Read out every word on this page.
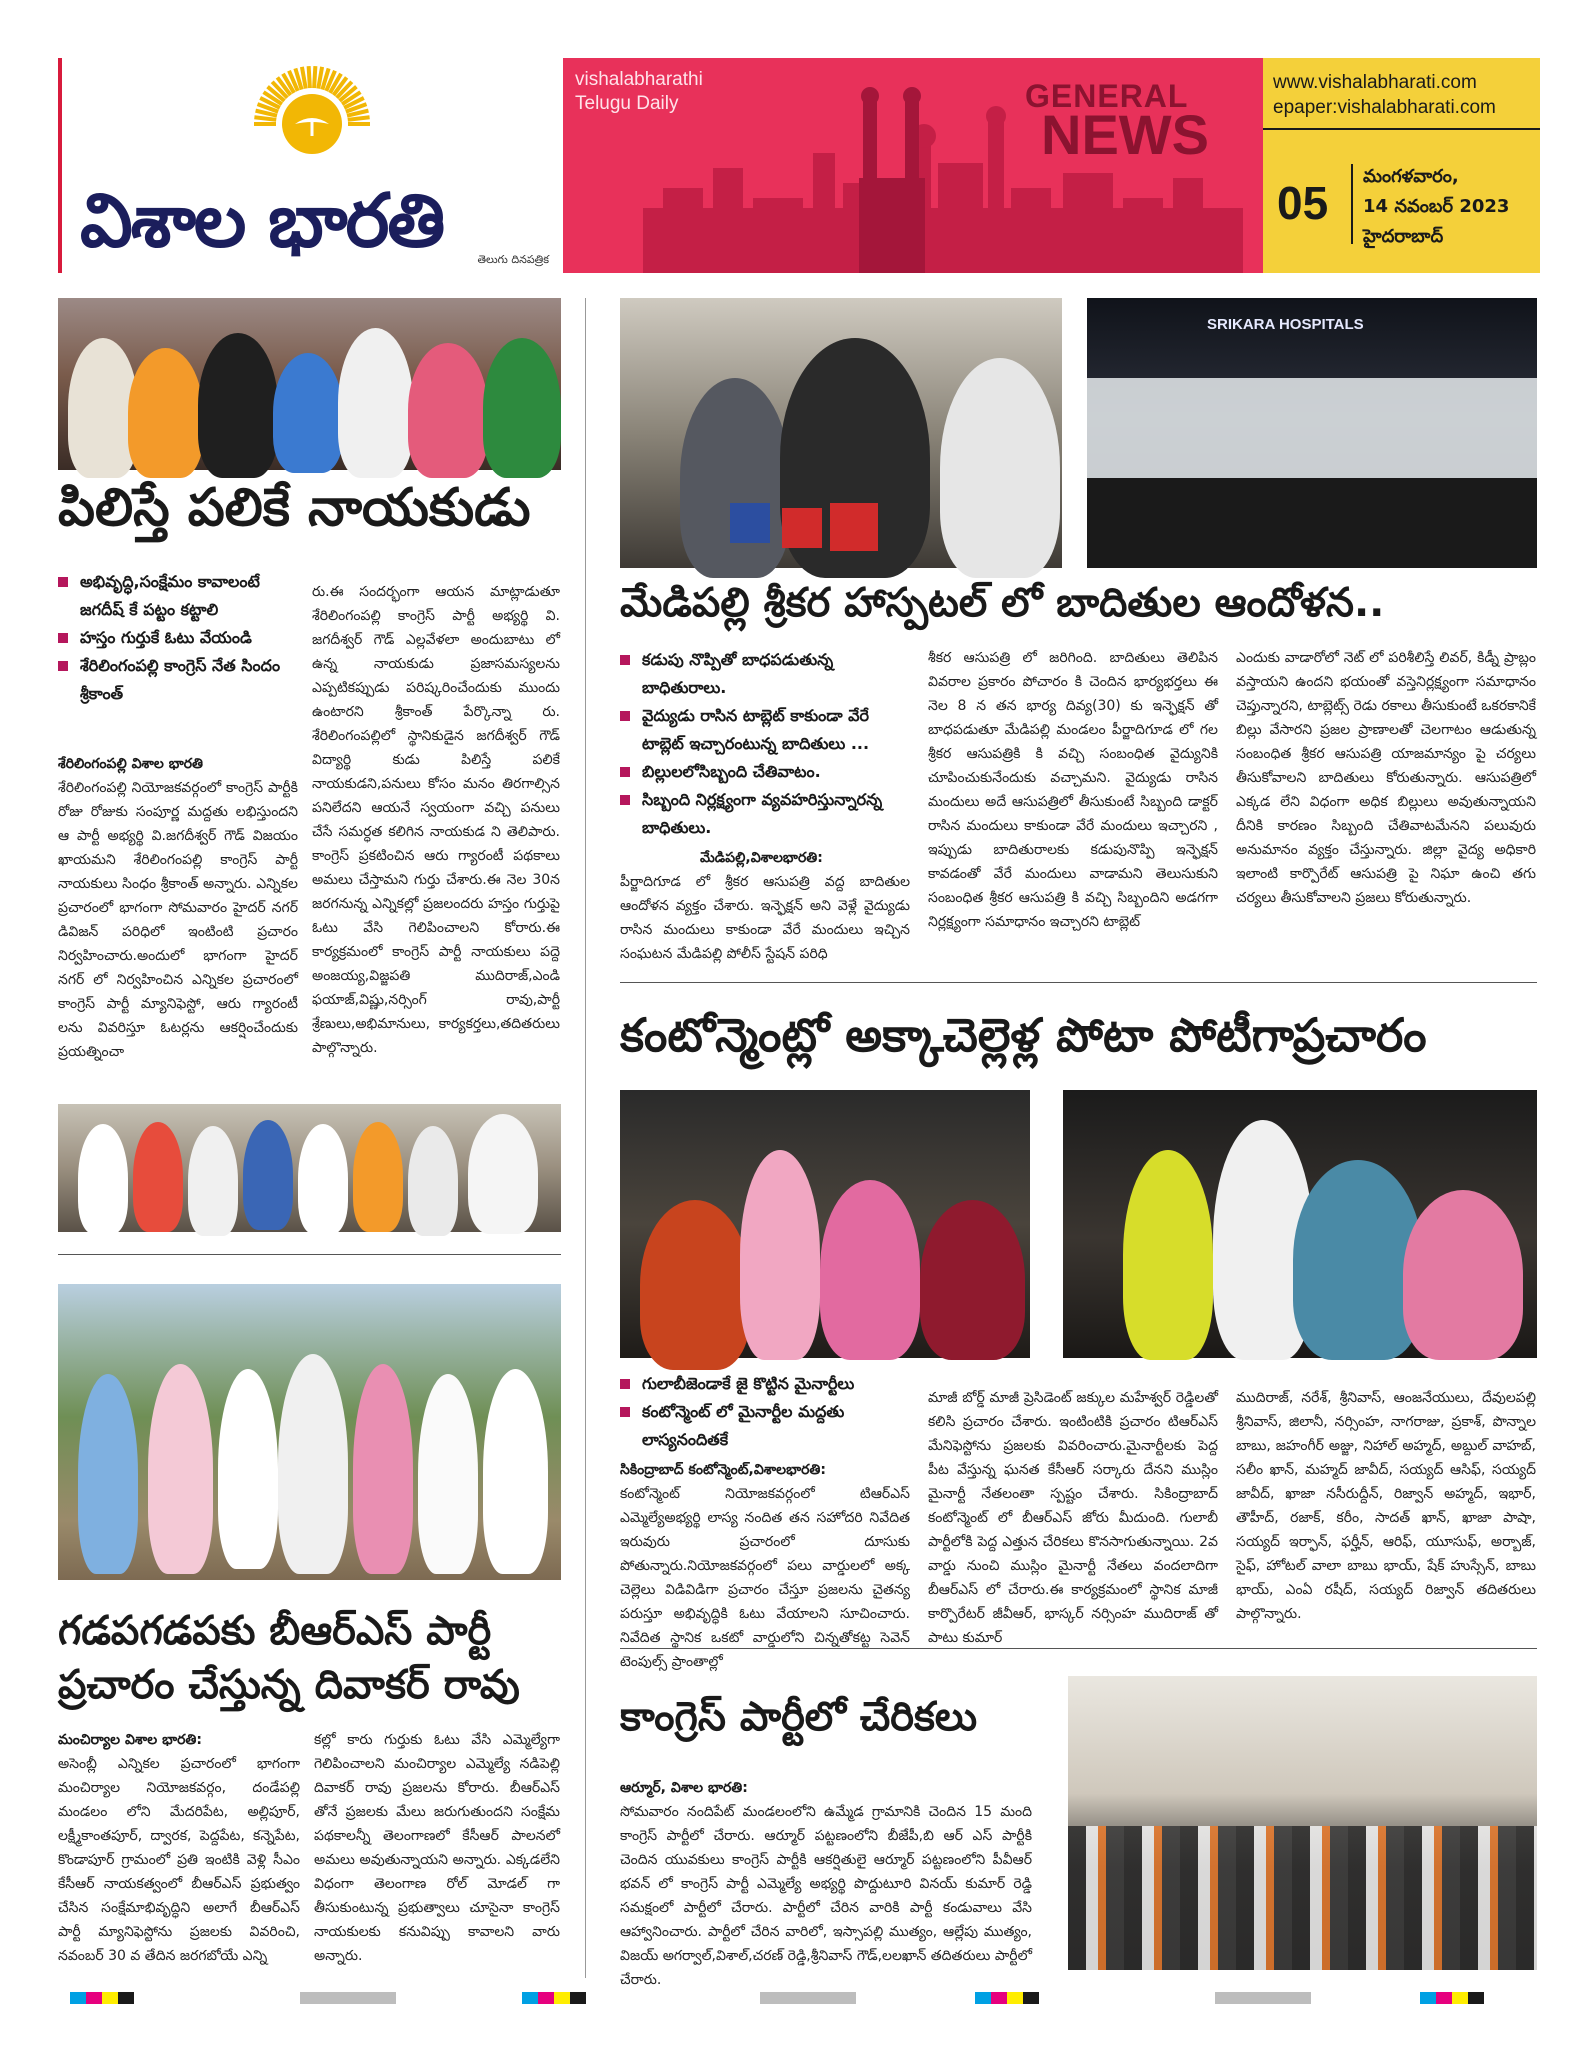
విశాల భారతి	తెలుగు దినపత్రిక
vishalabharathi
Telugu Daily	GENERAL
NEWS
www.vishalabharati.com
epaper:vishalabharati.com
05
మంగళవారం,
14 నవంబర్ 2023
హైదరాబాద్
పిలిస్తే పలికే నాయకుడు
అభివృద్ధి,సంక్షేమం కావాలంటే జగదీష్ కే పట్టం కట్టాలి
హస్తం గుర్తుకే ఓటు వేయండి
శేరిలింగంపల్లి కాంగ్రెస్ నేత సిందం శ్రీకాంత్
శేరిలింగంపల్లి విశాల భారతి
శేరిలింగంపల్లి నియోజకవర్గంలో కాంగ్రెస్ పార్టీకి రోజు రోజుకు సంపూర్ణ మద్దతు లభిస్తుందని ఆ పార్టీ అభ్యర్థి వి.జగదీశ్వర్ గౌడ్ విజయం ఖాయమని శేరిలింగంపల్లి కాంగ్రెస్ పార్టీ నాయకులు సింధం శ్రీకాంత్ అన్నారు. ఎన్నికల ప్రచారంలో భాగంగా సోమవారం హైదర్ నగర్ డివిజన్ పరిధిలో ఇంటింటి ప్రచారం నిర్వహించారు.అందులో భాగంగా హైదర్ నగర్ లో నిర్వహించిన ఎన్నికల ప్రచారంలో కాంగ్రెస్ పార్టీ మ్యానిఫెస్టో, ఆరు గ్యారంటీ లను వివరిస్తూ ఓటర్లను ఆకర్షించేందుకు ప్రయత్నించా
రు.ఈ సందర్భంగా ఆయన మాట్లాడుతూ శేరిలింగంపల్లి కాంగ్రెస్ పార్టీ అభ్యర్థి వి. జగదీశ్వర్ గౌడ్ ఎల్లవేళలా అందుబాటు లో ఉన్న నాయకుడు ప్రజాసమస్యలను ఎప్పటికప్పుడు పరిష్కరించేందుకు ముందు ఉంటారని శ్రీకాంత్ పేర్కొన్నా రు. శేరిలింగంపల్లిలో స్థానికుడైన జగదీశ్వర్ గౌడ్ విద్యార్థి కుడు పిలిస్తే పలికే నాయకుడని,పనులు కోసం మనం తిరగాల్సిన పనిలేదని ఆయనే స్వయంగా వచ్చి పనులు చేసే సమర్ధత కలిగిన నాయకుడ ని తెలిపారు. కాంగ్రెస్ ప్రకటించిన ఆరు గ్యారంటీ పథకాలు అమలు చేస్తామని గుర్తు చేశారు.ఈ నెల 30న జరగనున్న ఎన్నికల్లో ప్రజలందరు హస్తం గుర్తుపై ఓటు వేసి గెలిపించాలని కోరారు.ఈ కార్యక్రమంలో కాంగ్రెస్ పార్టీ నాయకులు పద్దె అంజయ్య,విజ్జపతి ముదిరాజ్,ఎండి ఫయాజ్,విష్ణు,నర్సింగ్ రావు,పార్టీ శ్రేణులు,అభిమానులు, కార్యకర్తలు,తదితరులు పాల్గొన్నారు.
గడపగడపకు బీఆర్ఎస్ పార్టీ
ప్రచారం చేస్తున్న దివాకర్ రావు
మంచిర్యాల విశాల భారతి:
అసెంబ్లీ ఎన్నికల ప్రచారంలో భాగంగా మంచిర్యాల నియోజకవర్గం, దండేపల్లి మండలం లోని మేదరిపేట, అల్లిపూర్, లక్ష్మీకాంతపూర్, ద్వారక, పెద్దపేట, కన్నెపేట, కొండాపూర్ గ్రామంలో ప్రతి ఇంటికి వెళ్లి సీఎం కేసీఆర్ నాయకత్వంలో బీఆర్ఎస్ ప్రభుత్వం చేసిన సంక్షేమాభివృద్ధిని అలాగే బీఆర్ఎస్ పార్టీ మ్యానిఫెస్టోను ప్రజలకు వివరించి, నవంబర్ 30 వ తేదిన జరగబోయే ఎన్ని
కల్లో కారు గుర్తుకు ఓటు వేసి ఎమ్మెల్యేగా గెలిపించాలని మంచిర్యాల ఎమ్మెల్యే నడిపెల్లి దివాకర్ రావు ప్రజలను కోరారు. బీఆర్ఎస్ తోనే ప్రజలకు మేలు జరుగుతుందని సంక్షేమ పథకాలన్నీ తెలంగాణలో కేసీఆర్ పాలనలో అమలు అవుతున్నాయని అన్నారు. ఎక్కడలేని విధంగా తెలంగాణ రోల్ మోడల్ గా తీసుకుంటున్న ప్రభుత్వాలు చూసైనా కాంగ్రెస్ నాయకులకు కనువిప్పు కావాలని వారు అన్నారు.
SRIKARA HOSPITALS
మేడిపల్లి శ్రీకర హాస్పటల్ లో బాదితుల ఆందోళన..
కడుపు నొప్పితో బాధపడుతున్న బాధితురాలు.
వైద్యుడు రాసిన టాబ్లెట్ కాకుండా వేరే టాబ్లెట్ ఇచ్చారంటున్న బాదితులు ...
బిల్లులలోసిబ్బంది చేతివాటం.
సిబ్బంది నిర్లక్ష్యంగా వ్యవహరిస్తున్నారన్న బాధితులు.
మేడిపల్లి,విశాలభారతి:
పీర్జాదిగూడ లో శ్రీకర ఆసుపత్రి వద్ద బాదితుల ఆందోళన వ్యక్తం చేశారు. ఇన్ఫెక్షన్ అని వెళ్లే వైద్యుడు రాసిన మందులు కాకుండా వేరే మందులు ఇచ్చిన సంఘటన మేడిపల్లి పోలీస్ స్టేషన్ పరిధి
శీకర ఆసుపత్రి లో జరిగింది. బాదితులు తెలిపిన వివరాల ప్రకారం పోచారం కి చెందిన భార్యభర్తలు ఈ నెల 8 న తన భార్య దివ్య(30) కు ఇన్ఫెక్షన్ తో బాధపడుతూ మేడిపల్లి మండలం పీర్జాదిగూడ లో గల శ్రీకర ఆసుపత్రికి కి వచ్చి సంబంధిత వైద్యునికి చూపించుకునేందుకు వచ్చామని. వైద్యుడు రాసిన మందులు అదే ఆసుపత్రిలో తీసుకుంటే సిబ్బంది డాక్టర్ రాసిన మందులు కాకుండా వేరే మందులు ఇచ్చారని , ఇప్పుడు బాదితురాలకు కడుపునొప్పి ఇన్ఫెక్షన్ కావడంతో వేరే మందులు వాడామని తెలుసుకుని సంబంధిత శ్రీకర ఆసుపత్రి కి వచ్చి సిబ్బందిని అడగగా నిర్లక్ష్యంగా సమాధానం ఇచ్చారని టాబ్లెట్
ఎందుకు వాడారోలో నెట్ లో పరిశీలిస్తే లివర్, కిడ్నీ ప్రాబ్లం వస్తాయని ఉందని భయంతో వస్తెనిర్లక్ష్యంగా సమాధానం చెప్తున్నారని, టాబ్లెట్స్ రెడు రకాలు తీసుకుంటే ఒకరకానికే బిల్లు వేసారని ప్రజల ప్రాణాలతో చెలగాటం ఆడుతున్న సంబంధిత శ్రీకర ఆసుపత్రి యాజమాన్యం పై చర్యలు తీసుకోవాలని బాదితులు కోరుతున్నారు. ఆసుపత్రిలో ఎక్కడ లేని విధంగా అధిక బిల్లులు అవుతున్నాయని దీనికి కారణం సిబ్బంది చేతివాటమేనని పలువురు అనుమానం వ్యక్తం చేస్తున్నారు. జిల్లా వైద్య అధికారి ఇలాంటి కార్పొరేట్ ఆసుపత్రి పై నిఘా ఉంచి తగు చర్యలు తీసుకోవాలని ప్రజలు కోరుతున్నారు.
కంటోన్మెంట్లో అక్కాచెల్లెళ్ల పోటా పోటీగాప్రచారం
గులాబీజెండాకే జై కొట్టిన మైనార్టీలు
కంటోన్మెంట్ లో మైనార్టీల మద్దతు లాస్యనందితకే
సికింద్రాబాద్ కంటోన్మెంట్,విశాలభారతి:
కంటోన్మెంట్ నియోజకవర్గంలో టిఆర్ఎస్ ఎమ్మెల్యేఅభ్యర్థి లాస్య నందిత తన సహోదరి నివేదిత ఇరువురు ప్రచారంలో దూసుకు పోతున్నారు.నియోజకవర్గంలో పలు వార్డులలో అక్క చెల్లెలు విడివిడిగా ప్రచారం చేస్తూ ప్రజలను చైతన్య పరుస్తూ అభివృద్ధికి ఓటు వేయాలని సూచించారు. నివేదిత స్థానిక ఒకటో వార్డులోని చిన్నతోకట్ట సెవెన్ టెంపుల్స్ ప్రాంతాల్లో
మాజీ బోర్డ్ మాజీ ప్రెసిడెంట్ జక్కుల మహేశ్వర్ రెడ్డిలతో కలిసి ప్రచారం చేశారు. ఇంటింటికి ప్రచారం టిఆర్ఎస్ మేనిఫెస్టోను ప్రజలకు వివరించారు.మైనార్టీలకు పెద్ద పీట వేస్తున్న ఘనత కేసీఆర్ సర్కారు దేనని ముస్లిం మైనార్టీ నేతలంతా స్పష్టం చేశారు. సికింద్రాబాద్ కంటోన్మెంట్ లో బీఆర్ఎస్ జోరు మీదుంది. గులాబీ పార్టీలోకి పెద్ద ఎత్తున చేరికలు కొనసాగుతున్నాయి. 2వ వార్డు నుంచి ముస్లిం మైనార్టీ నేతలు వందలాదిగా బీఆర్ఎస్ లో చేరారు.ఈ కార్యక్రమంలో స్థానిక మాజీ కార్పొరేటర్ జీవీఆర్, భాస్కర్ నర్సింహ ముదిరాజ్ తో పాటు కుమార్
ముదిరాజ్, నరేశ్, శ్రీనివాస్, ఆంజనేయులు, దేవులపల్లి శ్రీనివాస్, జిలానీ, నర్సింహ, నాగరాజు, ప్రకాశ్, పొన్నాల బాబు, జహంగీర్ అజ్జు, నిహాల్ అహ్మద్, అబ్దుల్ వాహబ్, సలీం ఖాన్, మహ్మద్ జావీద్, సయ్యద్ ఆసిఫ్, సయ్యద్ జావీద్, ఖాజా నసీరుద్దీన్, రిజ్వాన్ అహ్మద్, ఇభార్, తౌహీద్, రజాక్, కరీం, సాదత్ ఖాన్, ఖాజా పాషా, సయ్యద్ ఇర్ఫాన్, ఫర్హీన్, ఆరిఫ్, యూసుఫ్, అర్బాజ్, సైఫ్, హోటల్ వాలా బాబు భాయ్, షేక్ హుస్సేన్, బాబు భాయ్, ఎంఏ రషీద్, సయ్యద్ రిజ్వాన్ తదితరులు పాల్గొన్నారు.
కాంగ్రెస్ పార్టీలో చేరికలు
ఆర్మూర్, విశాల భారతి:
సోమవారం నందిపేట్ మండలంలోని ఉమ్మేడ గ్రామానికి చెందిన 15 మంది కాంగ్రెస్ పార్టీలో చేరారు. ఆర్మూర్ పట్టణంలోని బీజేపీ,బి ఆర్ ఎస్ పార్టీకి చెందిన యువకులు కాంగ్రెస్ పార్టీకి ఆకర్షితులై ఆర్మూర్ పట్టణంలోని పీవీఆర్ భవన్ లో కాంగ్రెస్ పార్టీ ఎమ్మెల్యే అభ్యర్థి పొద్దుటూరి వినయ్ కుమార్ రెడ్డి సమక్షంలో పార్టీలో చేరారు. పార్టీలో చేరిన వారికి పార్టీ కండువాలు వేసి ఆహ్వానించారు. పార్టీలో చేరిన వారిలో, ఇస్సాపల్లి ముత్యం, ఆల్లేపు ముత్యం, విజయ్ అగర్వాల్,విశాల్,చరణ్ రెడ్డి,శ్రీనివాస్ గౌడ్,లలఖాన్ తదితరులు పార్టీలో చేరారు.
